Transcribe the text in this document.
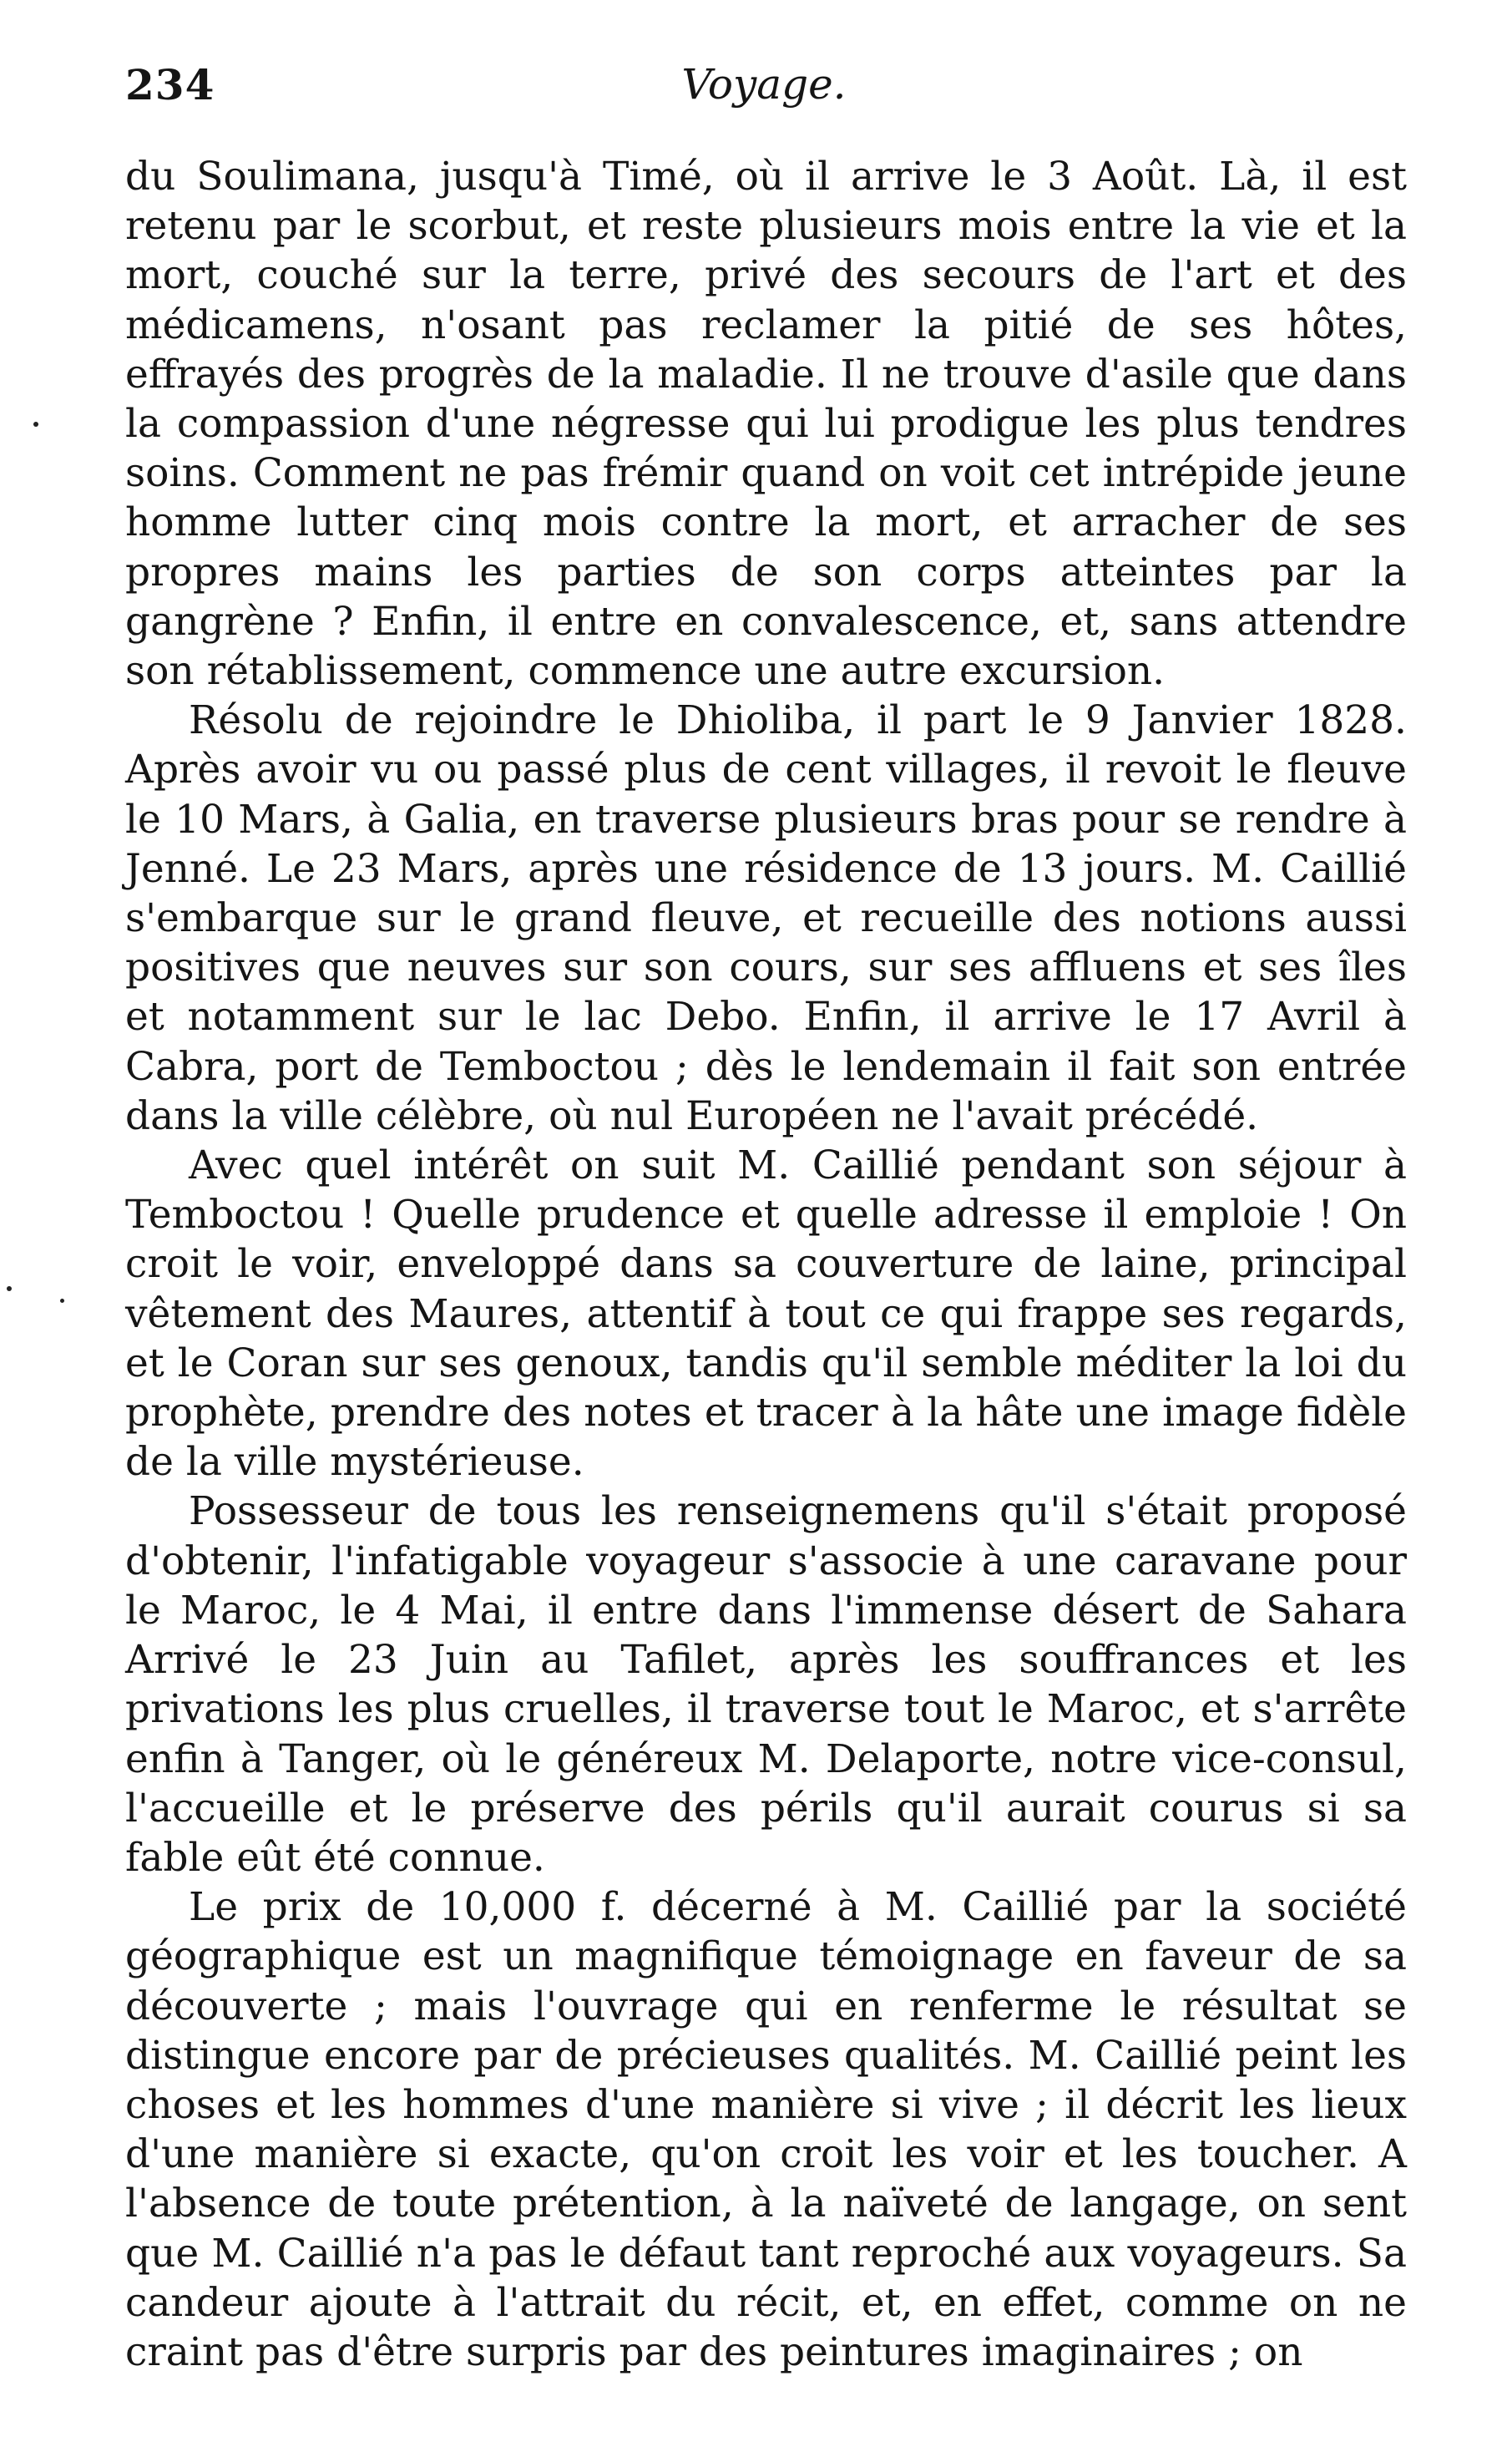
234	Voyage.

du Soulimana, jusqu'à Timé, où il arrive le 3 Août. Là, il est retenu par le scorbut, et reste plusieurs mois entre la vie et la mort, couché sur la terre, privé des secours de l'art et des médicamens, n'osant pas reclamer la pitié de ses hôtes, effrayés des progrès de la maladie. Il ne trouve d'asile que dans la compassion d'une négresse qui lui prodigue les plus tendres soins. Comment ne pas frémir quand on voit cet intrépide jeune homme lutter cinq mois contre la mort, et arracher de ses propres mains les parties de son corps atteintes par la gangrène ? Enfin, il entre en convalescence, et, sans attendre son rétablissement, commence une autre excursion.

Résolu de rejoindre le Dhioliba, il part le 9 Janvier 1828. Après avoir vu ou passé plus de cent villages, il revoit le fleuve le 10 Mars, à Galia, en traverse plusieurs bras pour se rendre à Jenné. Le 23 Mars, après une résidence de 13 jours. M. Caillié s'embarque sur le grand fleuve, et recueille des notions aussi positives que neuves sur son cours, sur ses affluens et ses îles et notamment sur le lac Debo. Enfin, il arrive le 17 Avril à Cabra, port de Temboctou ; dès le lendemain il fait son entrée dans la ville célèbre, où nul Européen ne l'avait précédé.

Avec quel intérêt on suit M. Caillié pendant son séjour à Temboctou ! Quelle prudence et quelle adresse il emploie ! On croit le voir, enveloppé dans sa couverture de laine, principal vêtement des Maures, attentif à tout ce qui frappe ses regards, et le Coran sur ses genoux, tandis qu'il semble méditer la loi du prophète, prendre des notes et tracer à la hâte une image fidèle de la ville mystérieuse.

Possesseur de tous les renseignemens qu'il s'était proposé d'obtenir, l'infatigable voyageur s'associe à une caravane pour le Maroc, le 4 Mai, il entre dans l'immense désert de Sahara Arrivé le 23 Juin au Tafilet, après les souffrances et les privations les plus cruelles, il traverse tout le Maroc, et s'arrête enfin à Tanger, où le généreux M. Delaporte, notre vice-consul, l'accueille et le préserve des périls qu'il aurait courus si sa fable eût été connue.

Le prix de 10,000 f. décerné à M. Caillié par la société géographique est un magnifique témoignage en faveur de sa découverte ; mais l'ouvrage qui en renferme le résultat se distingue encore par de précieuses qualités. M. Caillié peint les choses et les hommes d'une manière si vive ; il décrit les lieux d'une manière si exacte, qu'on croit les voir et les toucher. A l'absence de toute prétention, à la naïveté de langage, on sent que M. Caillié n'a pas le défaut tant reproché aux voyageurs. Sa candeur ajoute à l'attrait du récit, et, en effet, comme on ne craint pas d'être surpris par des peintures imaginaires ; on
